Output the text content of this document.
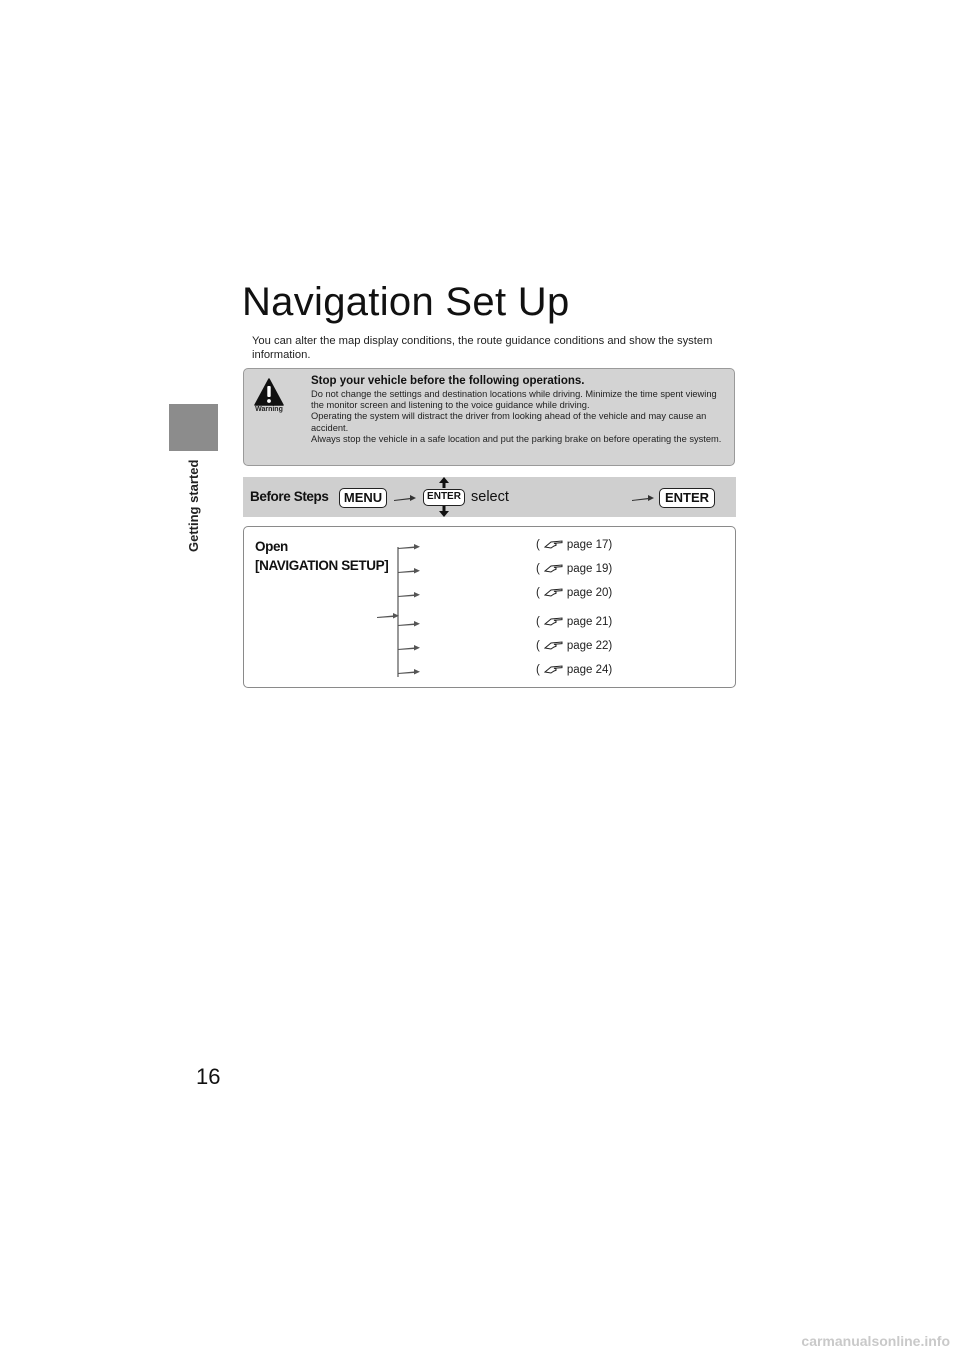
Getting started
16
Navigation Set Up
You can alter the map display conditions, the route guidance conditions and show the system information.
Warning
Stop your vehicle before the following operations.
Do not change the settings and destination locations while driving. Minimize the time spent viewing the monitor screen and listening to the voice guidance while driving.
Operating the system will distract the driver from looking ahead of the vehicle and may cause an accident.
Always stop the vehicle in a safe location and put the parking brake on before operating the system.
Before Steps	MENU	ENTER select	ENTER
Open
[NAVIGATION SETUP]
( page 17)
( page 19)
( page 20)
( page 21)
( page 22)
( page 24)
carmanualsonline.info
